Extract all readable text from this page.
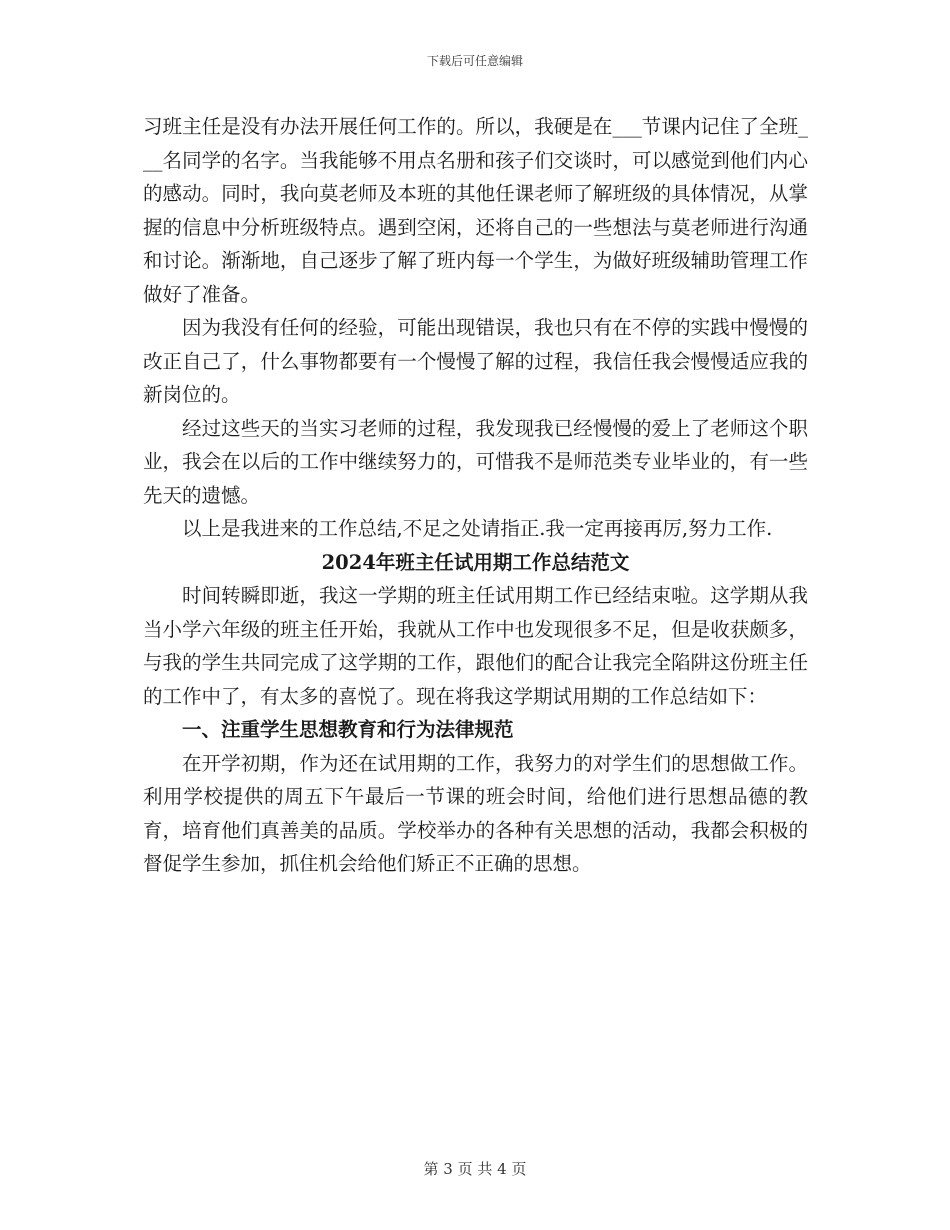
下载后可任意编辑

习班主任是没有办法开展任何工作的。所以，我硬是在___节课内记住了全班___名同学的名字。当我能够不用点名册和孩子们交谈时，可以感觉到他们内心的感动。同时，我向莫老师及本班的其他任课老师了解班级的具体情况，从掌握的信息中分析班级特点。遇到空闲，还将自己的一些想法与莫老师进行沟通和讨论。渐渐地，自己逐步了解了班内每一个学生，为做好班级辅助管理工作做好了准备。

因为我没有任何的经验，可能出现错误，我也只有在不停的实践中慢慢的改正自己了，什么事物都要有一个慢慢了解的过程，我信任我会慢慢适应我的新岗位的。

经过这些天的当实习老师的过程，我发现我已经慢慢的爱上了老师这个职业，我会在以后的工作中继续努力的，可惜我不是师范类专业毕业的，有一些先天的遗憾。

以上是我进来的工作总结,不足之处请指正.我一定再接再厉,努力工作.

2024年班主任试用期工作总结范文

时间转瞬即逝，我这一学期的班主任试用期工作已经结束啦。这学期从我当小学六年级的班主任开始，我就从工作中也发现很多不足，但是收获颇多，与我的学生共同完成了这学期的工作，跟他们的配合让我完全陷阱这份班主任的工作中了，有太多的喜悦了。现在将我这学期试用期的工作总结如下：

一、注重学生思想教育和行为法律规范

在开学初期，作为还在试用期的工作，我努力的对学生们的思想做工作。利用学校提供的周五下午最后一节课的班会时间，给他们进行思想品德的教育，培育他们真善美的品质。学校举办的各种有关思想的活动，我都会积极的督促学生参加，抓住机会给他们矫正不正确的思想。

第 3 页 共 4 页
